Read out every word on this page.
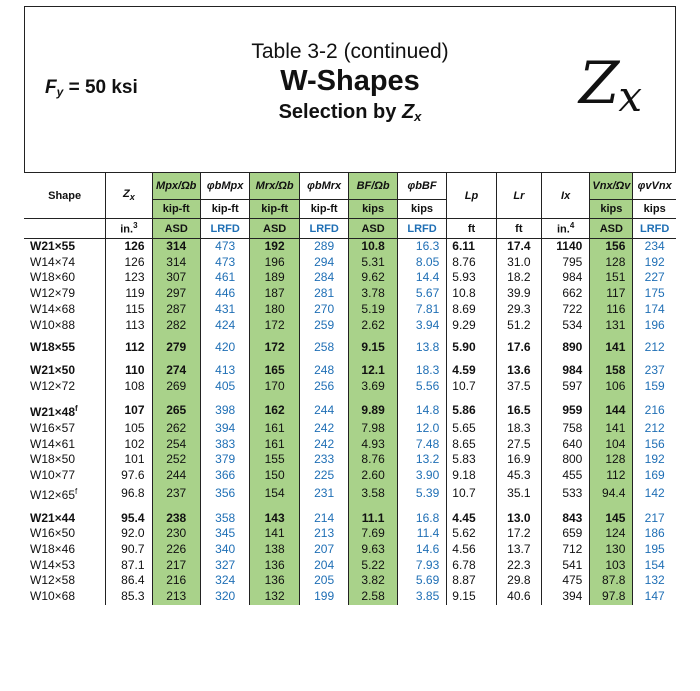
$F_y = 50$ ksi

Table 3-2 (continued)

W-Shapes

Selection by $Z_x$	$Z_x$
Shape	$Z_x$	Mpx/Ωb	φbMpx	Mrx/Ωb	φbMrx	BF/Ωb	φbBF	Lp	Lr	Ix	Vnx/Ωv	φvVnx
		kip-ft	kip-ft	kip-ft	kip-ft	kips	kips				kips	kips
	in.$^3$	ASD	LRFD	ASD	LRFD	ASD	LRFD	ft	ft	in.$^4$	ASD	LRFD
W21×55	126	314	473	192	289	10.8	16.3	6.11	17.4	1140	156	234
W14×74	126	314	473	196	294	5.31	8.05	8.76	31.0	795	128	192
W18×60	123	307	461	189	284	9.62	14.4	5.93	18.2	984	151	227
W12×79	119	297	446	187	281	3.78	5.67	10.8	39.9	662	117	175
W14×68	115	287	431	180	270	5.19	7.81	8.69	29.3	722	116	174
W10×88	113	282	424	172	259	2.62	3.94	9.29	51.2	534	131	196

W18×55	112	279	420	172	258	9.15	13.8	5.90	17.6	890	141	212

W21×50	110	274	413	165	248	12.1	18.3	4.59	13.6	984	158	237
W12×72	108	269	405	170	256	3.69	5.56	10.7	37.5	597	106	159

$W21\times 48^f$	107	265	398	162	244	9.89	14.8	5.86	16.5	959	144	216
W16×57	105	262	394	161	242	7.98	12.0	5.65	18.3	758	141	212
W14×61	102	254	383	161	242	4.93	7.48	8.65	27.5	640	104	156
W18×50	101	252	379	155	233	8.76	13.2	5.83	16.9	800	128	192
W10×77	97.6	244	366	150	225	2.60	3.90	9.18	45.3	455	112	169
$W12\times 65^f$	96.8	237	356	154	231	3.58	5.39	10.7	35.1	533	94.4	142

W21×44	95.4	238	358	143	214	11.1	16.8	4.45	13.0	843	145	217
W16×50	92.0	230	345	141	213	7.69	11.4	5.62	17.2	659	124	186
W18×46	90.7	226	340	138	207	9.63	14.6	4.56	13.7	712	130	195
W14×53	87.1	217	327	136	204	5.22	7.93	6.78	22.3	541	103	154
W12×58	86.4	216	324	136	205	3.82	5.69	8.87	29.8	475	87.8	132
W10×68	85.3	213	320	132	199	2.58	3.85	9.15	40.6	394	97.8	147
